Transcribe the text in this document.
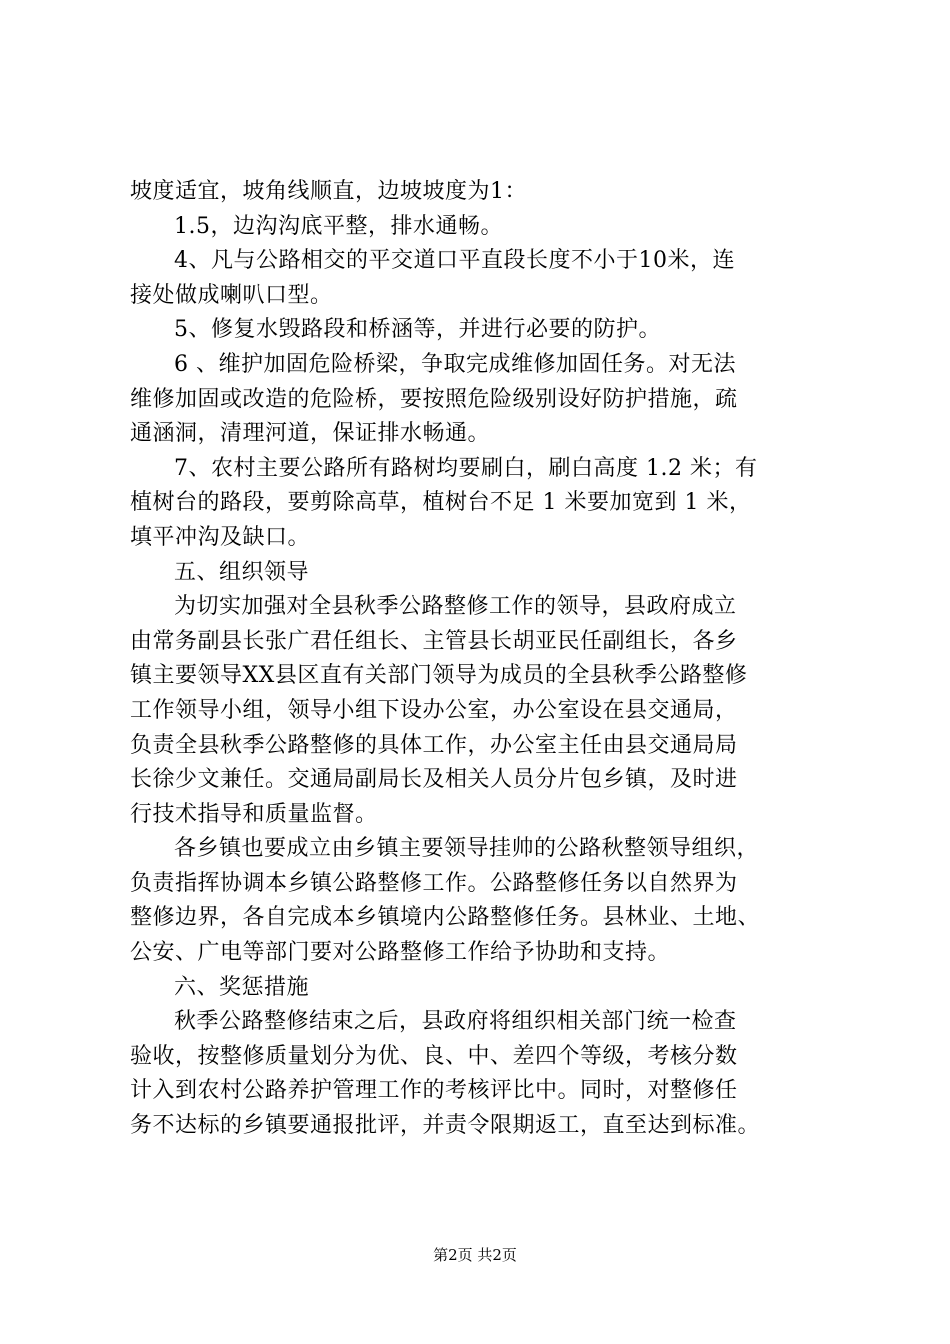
坡度适宜，坡角线顺直，边坡坡度为1：
1.5，边沟沟底平整，排水通畅。
4、凡与公路相交的平交道口平直段长度不小于10米，连
接处做成喇叭口型。
5、修复水毁路段和桥涵等，并进行必要的防护。
6 、维护加固危险桥梁，争取完成维修加固任务。对无法
维修加固或改造的危险桥，要按照危险级别设好防护措施，疏
通涵洞，清理河道，保证排水畅通。
7、农村主要公路所有路树均要刷白，刷白高度 1.2 米；有
植树台的路段，要剪除高草，植树台不足 1 米要加宽到 1 米，
填平冲沟及缺口。
五、组织领导
为切实加强对全县秋季公路整修工作的领导，县政府成立
由常务副县长张广君任组长、主管县长胡亚民任副组长，各乡
镇主要领导XX县区直有关部门领导为成员的全县秋季公路整修
工作领导小组，领导小组下设办公室，办公室设在县交通局，
负责全县秋季公路整修的具体工作，办公室主任由县交通局局
长徐少文兼任。交通局副局长及相关人员分片包乡镇，及时进
行技术指导和质量监督。
各乡镇也要成立由乡镇主要领导挂帅的公路秋整领导组织，
负责指挥协调本乡镇公路整修工作。公路整修任务以自然界为
整修边界，各自完成本乡镇境内公路整修任务。县林业、土地、
公安、广电等部门要对公路整修工作给予协助和支持。
六、奖惩措施
秋季公路整修结束之后，县政府将组织相关部门统一检查
验收，按整修质量划分为优、良、中、差四个等级，考核分数
计入到农村公路养护管理工作的考核评比中。同时，对整修任
务不达标的乡镇要通报批评，并责令限期返工，直至达到标准。
第2页 共2页
